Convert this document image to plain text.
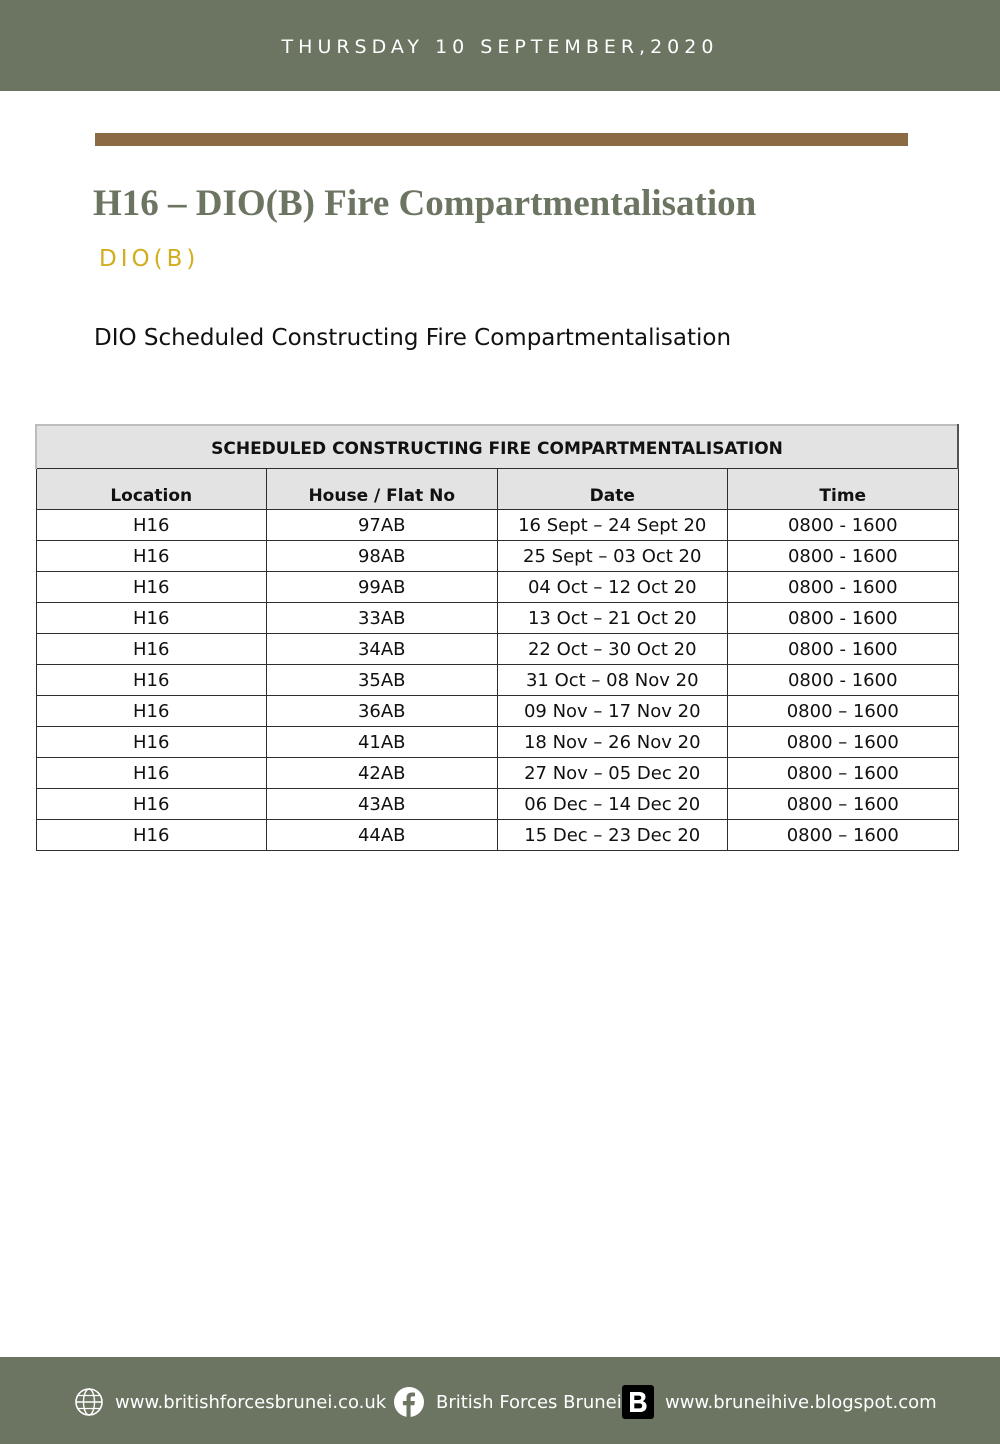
THURSDAY 10 SEPTEMBER,2020
H16 – DIO(B) Fire Compartmentalisation
DIO(B)
DIO Scheduled Constructing Fire Compartmentalisation
SCHEDULED CONSTRUCTING FIRE COMPARTMENTALISATION			
Location	House / Flat No	Date	Time
H16	97AB	16 Sept – 24 Sept 20	0800 - 1600
H16	98AB	25 Sept – 03 Oct 20	0800 - 1600
H16	99AB	04 Oct – 12 Oct 20	0800 - 1600
H16	33AB	13 Oct – 21 Oct 20	0800 - 1600
H16	34AB	22 Oct – 30 Oct 20	0800 - 1600
H16	35AB	31 Oct – 08 Nov 20	0800 - 1600
H16	36AB	09 Nov – 17 Nov 20	0800 – 1600
H16	41AB	18 Nov – 26 Nov 20	0800 – 1600
H16	42AB	27 Nov – 05 Dec 20	0800 – 1600
H16	43AB	06 Dec – 14 Dec 20	0800 – 1600
H16	44AB	15 Dec – 23 Dec 20	0800 – 1600
www.britishforcesbrunei.co.uk	British Forces Brunei www.bruneihive.blogspot.com
